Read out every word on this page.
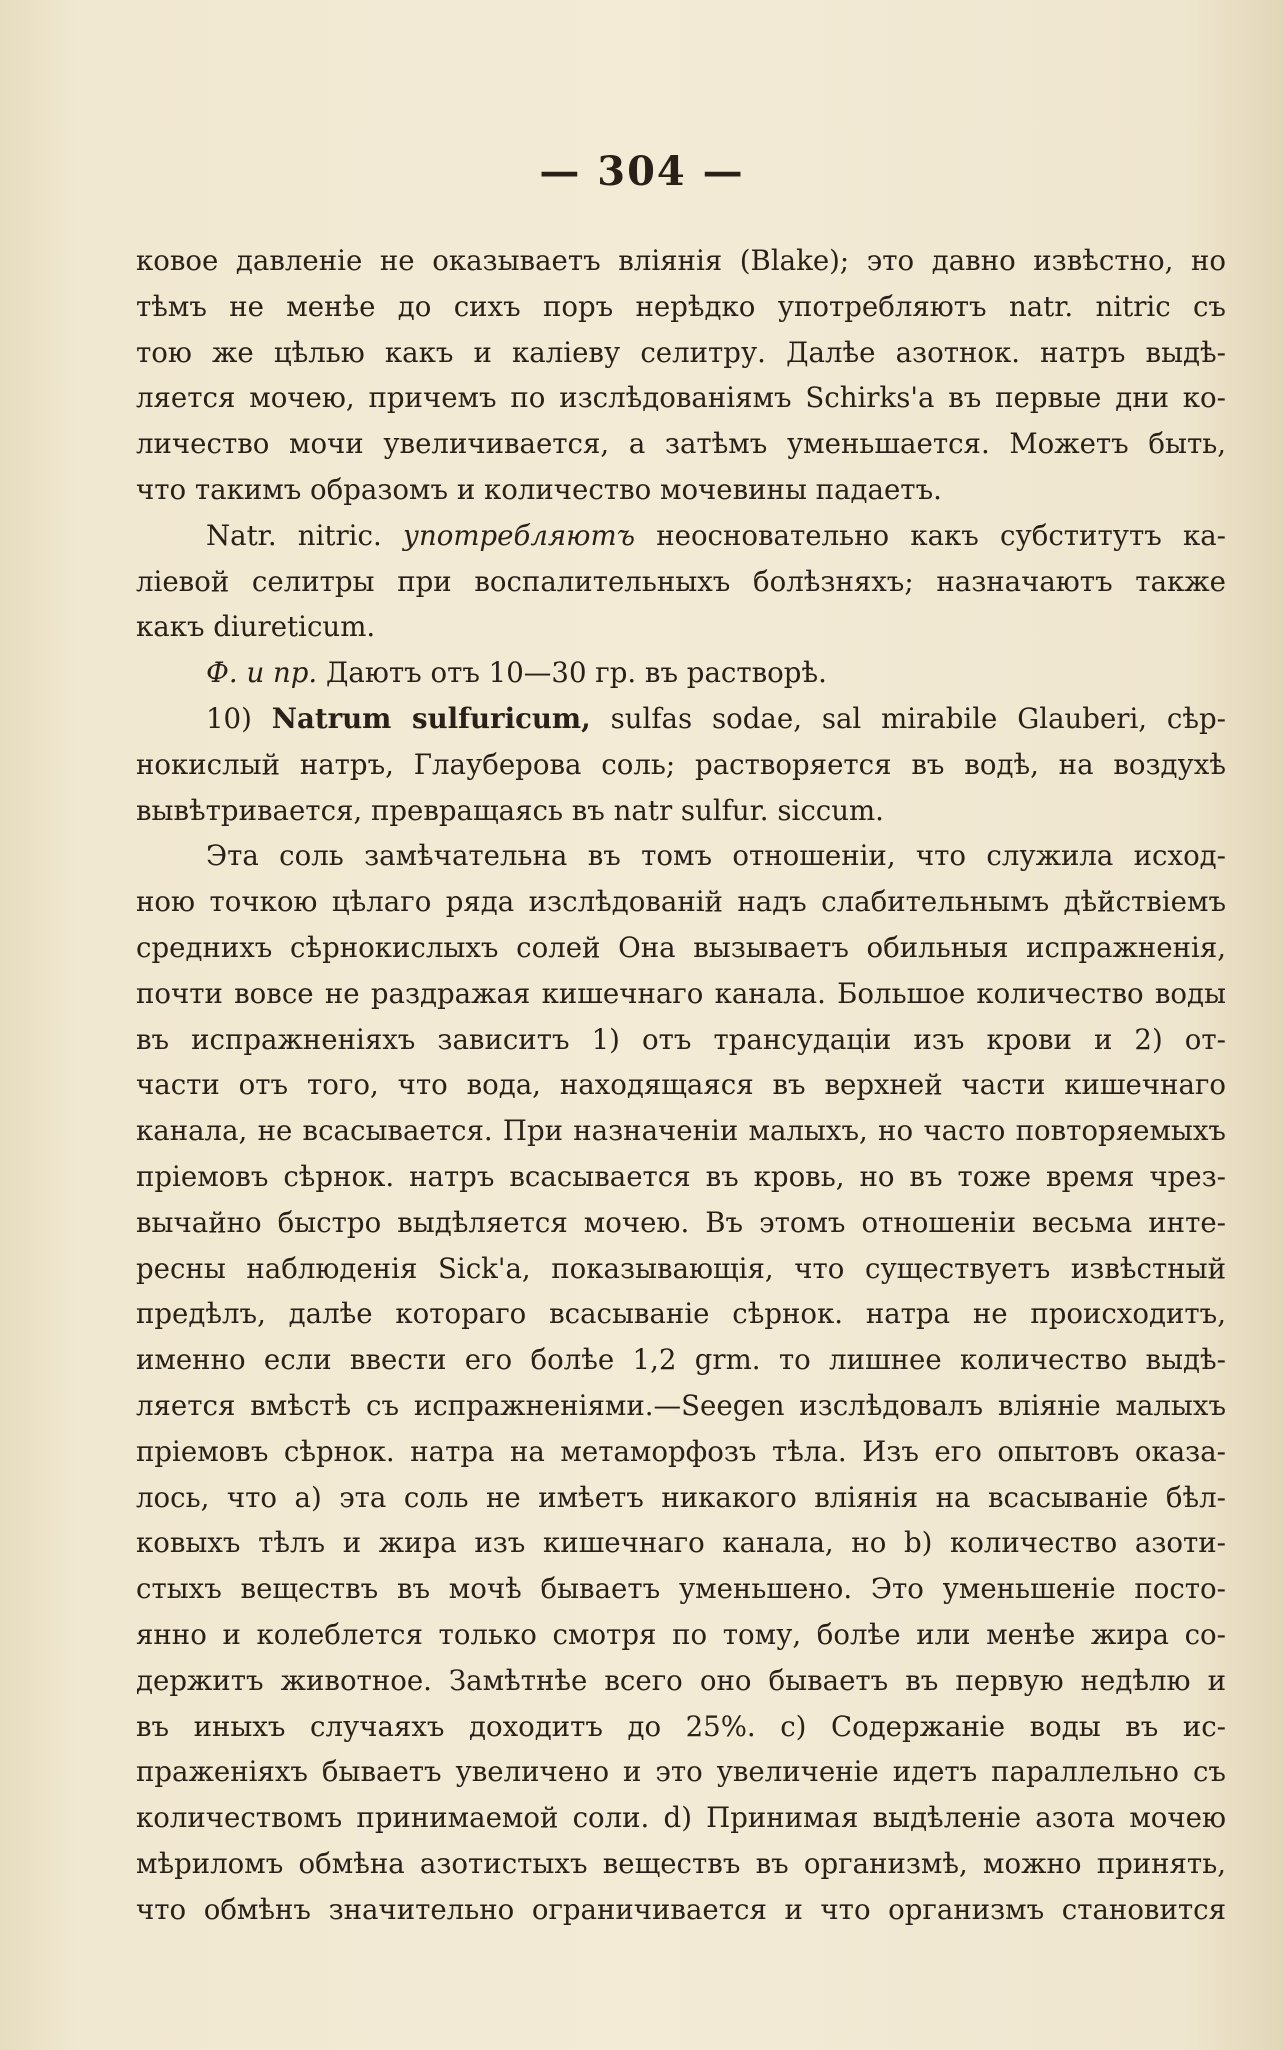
— 304 —
ковое давленіе не оказываетъ вліянія (Blake); это давно извѣстно, но
тѣмъ не менѣе до сихъ поръ нерѣдко употребляютъ natr. nitric съ
тою же цѣлью какъ и каліеву селитру. Далѣе азотнок. натръ выдѣ-
ляется мочею, причемъ по изслѣдованіямъ Schirks'а въ первые дни ко-
личество мочи увеличивается, а затѣмъ уменьшается. Можетъ быть,
что такимъ образомъ и количество мочевины падаетъ.
Natr. nitric. употребляютъ неосновательно какъ субститутъ ка-
ліевой селитры при воспалительныхъ болѣзняхъ; назначаютъ также
какъ diureticum.
Ф. и пр. Даютъ отъ 10—30 гр. въ растворѣ.
10) Natrum sulfuricum, sulfas sodae, sal mirabile Glauberi, сѣр-
нокислый натръ, Глауберова соль; растворяется въ водѣ, на воздухѣ
вывѣтривается, превращаясь въ natr sulfur. siccum.
Эта соль замѣчательна въ томъ отношеніи, что служила исход-
ною точкою цѣлаго ряда изслѣдованій надъ слабительнымъ дѣйствіемъ
среднихъ сѣрнокислыхъ солей Она вызываетъ обильныя испражненія,
почти вовсе не раздражая кишечнаго канала. Большое количество воды
въ испражненіяхъ зависитъ 1) отъ трансудаціи изъ крови и 2) от-
части отъ того, что вода, находящаяся въ верхней части кишечнаго
канала, не всасывается. При назначеніи малыхъ, но часто повторяемыхъ
пріемовъ сѣрнок. натръ всасывается въ кровь, но въ тоже время чрез-
вычайно быстро выдѣляется мочею. Въ этомъ отношеніи весьма инте-
ресны наблюденія Sick'а, показывающія, что существуетъ извѣстный
предѣлъ, далѣе котораго всасываніе сѣрнок. натра не происходитъ,
именно если ввести его болѣе 1,2 grm. то лишнее количество выдѣ-
ляется вмѣстѣ съ испражненіями.—Seegen изслѣдовалъ вліяніе малыхъ
пріемовъ сѣрнок. натра на метаморфозъ тѣла. Изъ его опытовъ оказа-
лось, что a) эта соль не имѣетъ никакого вліянія на всасываніе бѣл-
ковыхъ тѣлъ и жира изъ кишечнаго канала, но b) количество азоти-
стыхъ веществъ въ мочѣ бываетъ уменьшено. Это уменьшеніе посто-
янно и колеблется только смотря по тому, болѣе или менѣе жира со-
держитъ животное. Замѣтнѣе всего оно бываетъ въ первую недѣлю и
въ иныхъ случаяхъ доходитъ до 25%. c) Содержаніе воды въ ис-
праженіяхъ бываетъ увеличено и это увеличеніе идетъ параллельно съ
количествомъ принимаемой соли. d) Принимая выдѣленіе азота мочею
мѣриломъ обмѣна азотистыхъ веществъ въ организмѣ, можно принять,
что обмѣнъ значительно ограничивается и что организмъ становится
